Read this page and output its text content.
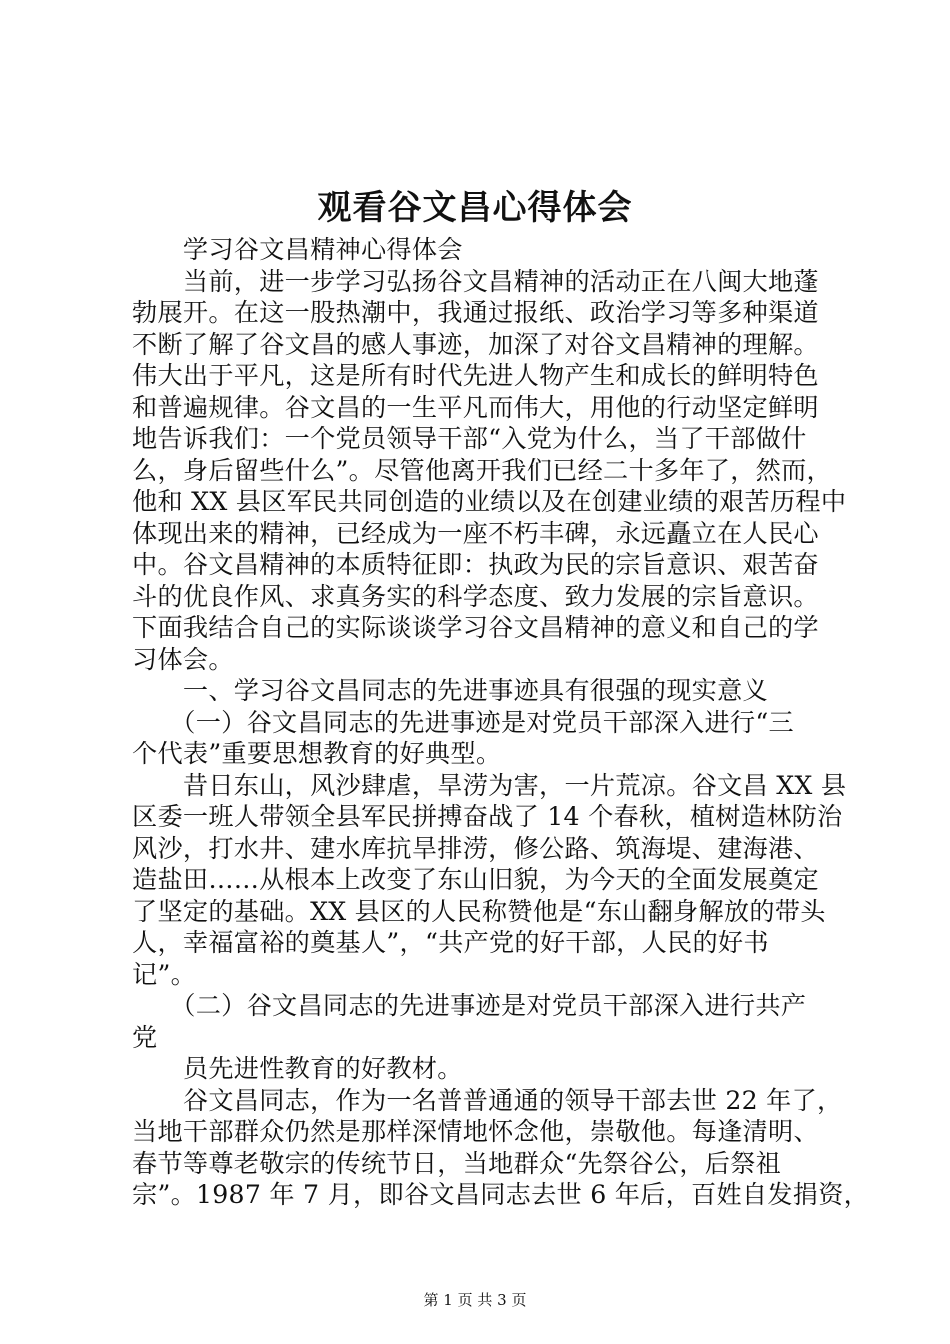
观看谷文昌心得体会
　　学习谷文昌精神心得体会
　　当前，进一步学习弘扬谷文昌精神的活动正在八闽大地蓬
勃展开。在这一股热潮中，我通过报纸、政治学习等多种渠道
不断了解了谷文昌的感人事迹，加深了对谷文昌精神的理解。
伟大出于平凡，这是所有时代先进人物产生和成长的鲜明特色
和普遍规律。谷文昌的一生平凡而伟大，用他的行动坚定鲜明
地告诉我们：一个党员领导干部“入党为什么，当了干部做什
么，身后留些什么”。尽管他离开我们已经二十多年了，然而，
他和 XX 县区军民共同创造的业绩以及在创建业绩的艰苦历程中
体现出来的精神，已经成为一座不朽丰碑，永远矗立在人民心
中。谷文昌精神的本质特征即：执政为民的宗旨意识、艰苦奋
斗的优良作风、求真务实的科学态度、致力发展的宗旨意识。
下面我结合自己的实际谈谈学习谷文昌精神的意义和自己的学
习体会。
　　一、学习谷文昌同志的先进事迹具有很强的现实意义
　　（一）谷文昌同志的先进事迹是对党员干部深入进行“三
个代表”重要思想教育的好典型。
　　昔日东山，风沙肆虐，旱涝为害，一片荒凉。谷文昌 XX 县
区委一班人带领全县军民拼搏奋战了 14 个春秋，植树造林防治
风沙，打水井、建水库抗旱排涝，修公路、筑海堤、建海港、
造盐田……从根本上改变了东山旧貌，为今天的全面发展奠定
了坚定的基础。XX 县区的人民称赞他是“东山翻身解放的带头
人，幸福富裕的奠基人”，“共产党的好干部，人民的好书
记”。
　　（二）谷文昌同志的先进事迹是对党员干部深入进行共产
党
　　员先进性教育的好教材。
　　谷文昌同志，作为一名普普通通的领导干部去世 22 年了，
当地干部群众仍然是那样深情地怀念他，崇敬他。每逢清明、
春节等尊老敬宗的传统节日，当地群众“先祭谷公，后祭祖
宗”。1987 年 7 月，即谷文昌同志去世 6 年后，百姓自发捐资，
第 1 页 共 3 页
